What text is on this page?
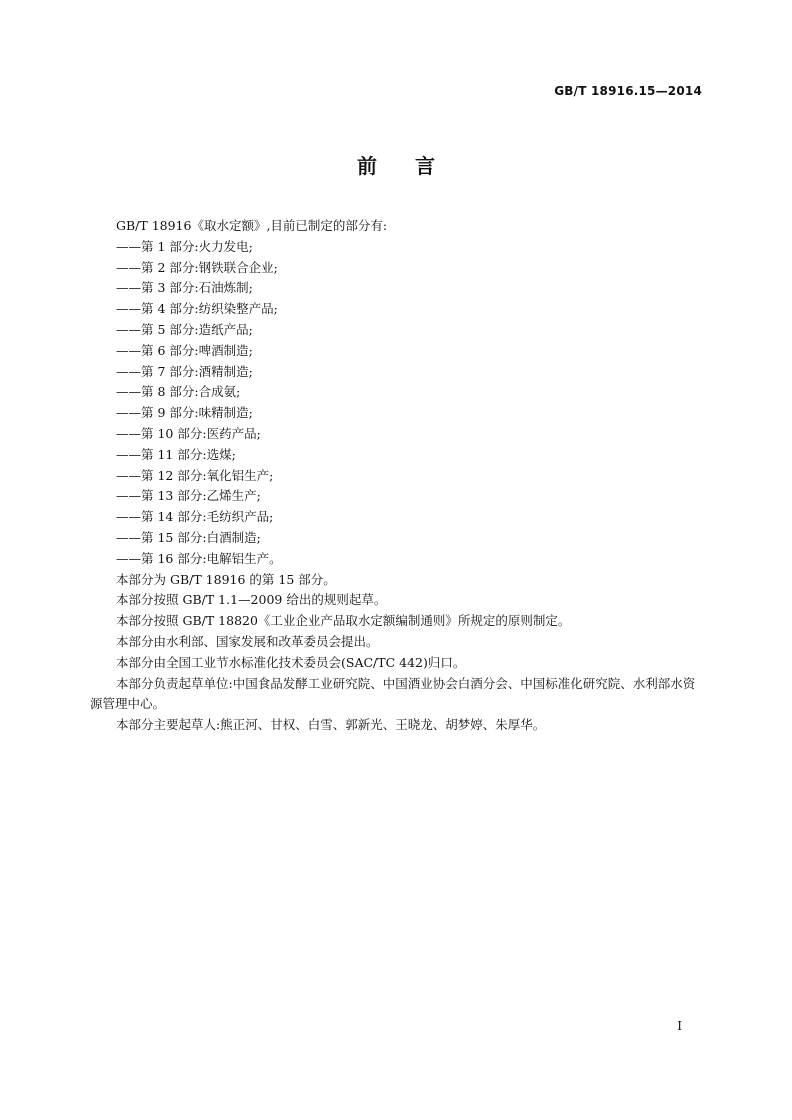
GB/T 18916.15—2014
前言

GB/T 18916《取水定额》,目前已制定的部分有:

——第 1 部分:火力发电;

——第 2 部分:钢铁联合企业;

——第 3 部分:石油炼制;

——第 4 部分:纺织染整产品;

——第 5 部分:造纸产品;

——第 6 部分:啤酒制造;

——第 7 部分:酒精制造;

——第 8 部分:合成氨;

——第 9 部分:味精制造;

——第 10 部分:医药产品;

——第 11 部分:选煤;

——第 12 部分:氧化铝生产;

——第 13 部分:乙烯生产;

——第 14 部分:毛纺织产品;

——第 15 部分:白酒制造;

——第 16 部分:电解铝生产。

本部分为 GB/T 18916 的第 15 部分。

本部分按照 GB/T 1.1—2009 给出的规则起草。

本部分按照 GB/T 18820《工业企业产品取水定额编制通则》所规定的原则制定。

本部分由水利部、国家发展和改革委员会提出。

本部分由全国工业节水标准化技术委员会(SAC/TC 442)归口。

本部分负责起草单位:中国食品发酵工业研究院、中国酒业协会白酒分会、中国标准化研究院、水利部水资源管理中心。

本部分主要起草人:熊正河、甘权、白雪、郭新光、王晓龙、胡梦婷、朱厚华。

I
